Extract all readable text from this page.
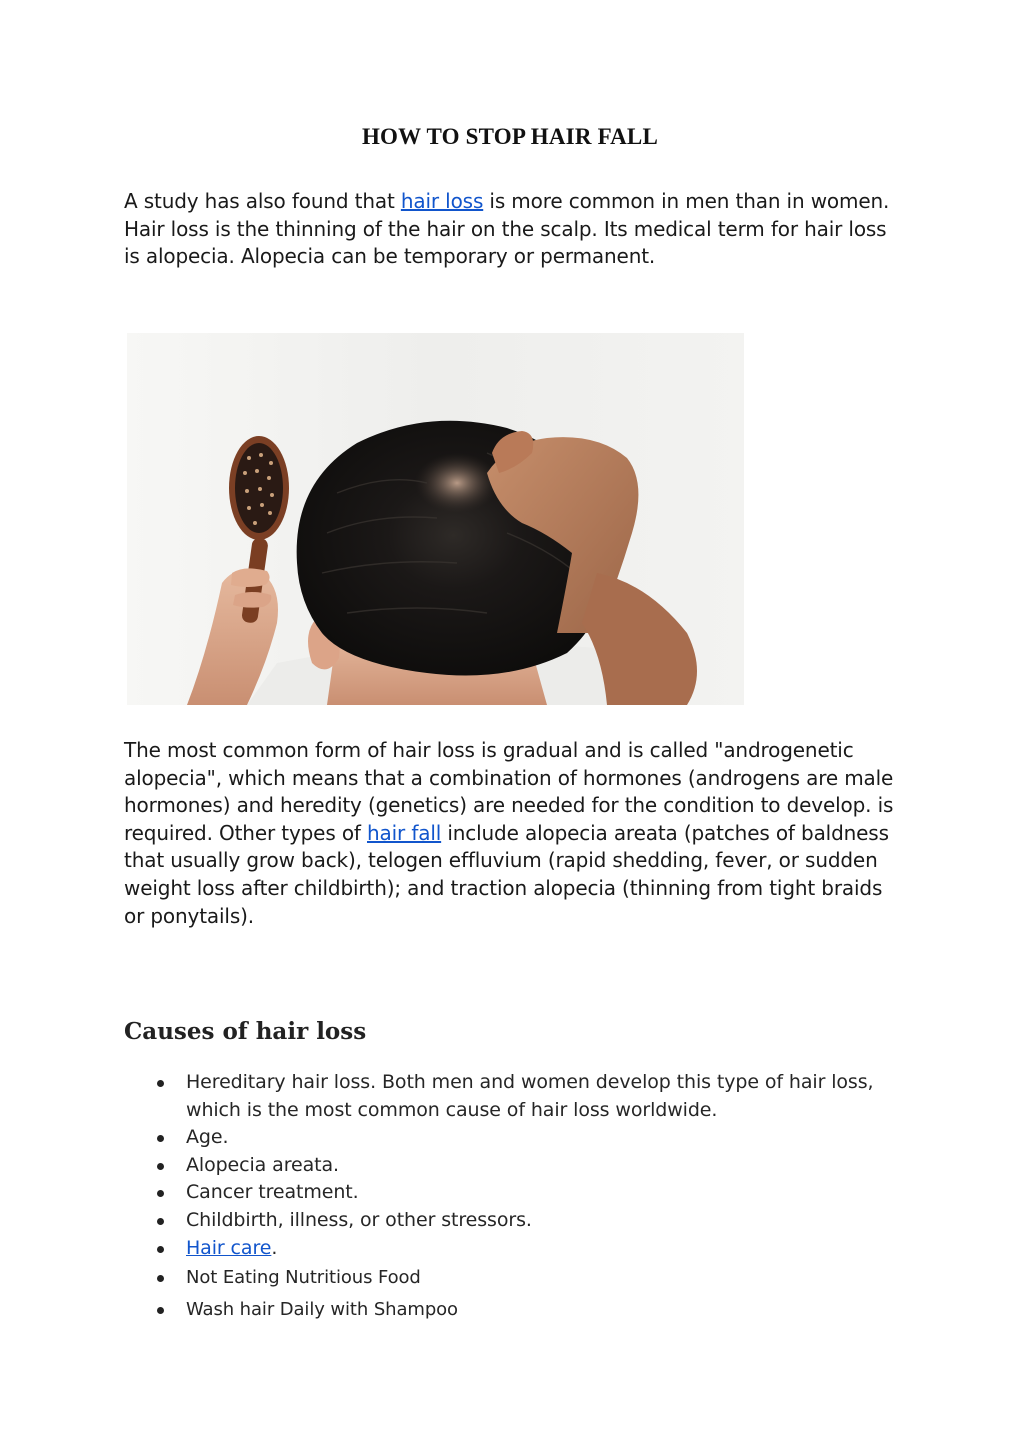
HOW TO STOP HAIR FALL

A study has also found that hair loss is more common in men than in women. Hair loss is the thinning of the hair on the scalp. Its medical term for hair loss is alopecia. Alopecia can be temporary or permanent.

The most common form of hair loss is gradual and is called "androgenetic alopecia", which means that a combination of hormones (androgens are male hormones) and heredity (genetics) are needed for the condition to develop. is required. Other types of hair fall include alopecia areata (patches of baldness that usually grow back), telogen effluvium (rapid shedding, fever, or sudden weight loss after childbirth); and traction alopecia (thinning from tight braids or ponytails).

Causes of hair loss
Hereditary hair loss. Both men and women develop this type of hair loss, which is the most common cause of hair loss worldwide.
Age.
Alopecia areata.
Cancer treatment.
Childbirth, illness, or other stressors.
Hair care.
Not Eating Nutritious Food
Wash hair Daily with Shampoo
